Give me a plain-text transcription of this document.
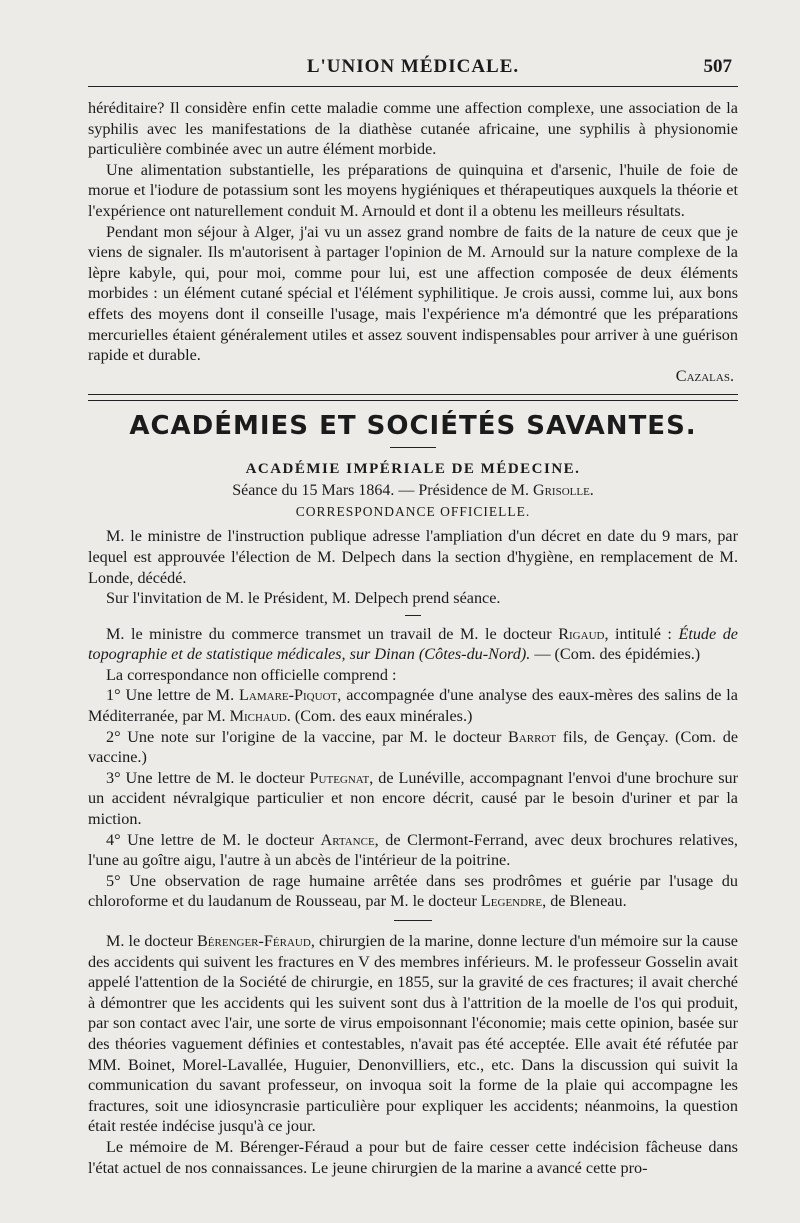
L'UNION MÉDICALE.	507

héréditaire? Il considère enfin cette maladie comme une affection complexe, une association de la syphilis avec les manifestations de la diathèse cutanée africaine, une syphilis à physionomie particulière combinée avec un autre élément morbide.

Une alimentation substantielle, les préparations de quinquina et d'arsenic, l'huile de foie de morue et l'iodure de potassium sont les moyens hygiéniques et thérapeutiques auxquels la théorie et l'expérience ont naturellement conduit M. Arnould et dont il a obtenu les meilleurs résultats.

Pendant mon séjour à Alger, j'ai vu un assez grand nombre de faits de la nature de ceux que je viens de signaler. Ils m'autorisent à partager l'opinion de M. Arnould sur la nature complexe de la lèpre kabyle, qui, pour moi, comme pour lui, est une affection composée de deux éléments morbides : un élément cutané spécial et l'élément syphilitique. Je crois aussi, comme lui, aux bons effets des moyens dont il conseille l'usage, mais l'expérience m'a démontré que les préparations mercurielles étaient généralement utiles et assez souvent indispensables pour arriver à une guérison rapide et durable.

Cazalas.

ACADÉMIES ET SOCIÉTÉS SAVANTES.
ACADÉMIE IMPÉRIALE DE MÉDECINE.
Séance du 15 Mars 1864. — Présidence de M. Grisolle.
CORRESPONDANCE OFFICIELLE.

M. le ministre de l'instruction publique adresse l'ampliation d'un décret en date du 9 mars, par lequel est approuvée l'élection de M. Delpech dans la section d'hygiène, en remplacement de M. Londe, décédé.

Sur l'invitation de M. le Président, M. Delpech prend séance.

M. le ministre du commerce transmet un travail de M. le docteur Rigaud, intitulé : Étude de topographie et de statistique médicales, sur Dinan (Côtes-du-Nord). — (Com. des épidémies.)

La correspondance non officielle comprend :

1° Une lettre de M. Lamare-Piquot, accompagnée d'une analyse des eaux-mères des salins de la Méditerranée, par M. Michaud. (Com. des eaux minérales.)

2° Une note sur l'origine de la vaccine, par M. le docteur Barrot fils, de Gençay. (Com. de vaccine.)

3° Une lettre de M. le docteur Putegnat, de Lunéville, accompagnant l'envoi d'une brochure sur un accident névralgique particulier et non encore décrit, causé par le besoin d'uriner et par la miction.

4° Une lettre de M. le docteur Artance, de Clermont-Ferrand, avec deux brochures relatives, l'une au goître aigu, l'autre à un abcès de l'intérieur de la poitrine.

5° Une observation de rage humaine arrêtée dans ses prodrômes et guérie par l'usage du chloroforme et du laudanum de Rousseau, par M. le docteur Legendre, de Bleneau.

M. le docteur Bérenger-Féraud, chirurgien de la marine, donne lecture d'un mémoire sur la cause des accidents qui suivent les fractures en V des membres inférieurs. M. le professeur Gosselin avait appelé l'attention de la Société de chirurgie, en 1855, sur la gravité de ces fractures; il avait cherché à démontrer que les accidents qui les suivent sont dus à l'attrition de la moelle de l'os qui produit, par son contact avec l'air, une sorte de virus empoisonnant l'économie; mais cette opinion, basée sur des théories vaguement définies et contestables, n'avait pas été acceptée. Elle avait été réfutée par MM. Boinet, Morel-Lavallée, Huguier, Denonvilliers, etc., etc. Dans la discussion qui suivit la communication du savant professeur, on invoqua soit la forme de la plaie qui accompagne les fractures, soit une idiosyncrasie particulière pour expliquer les accidents; néanmoins, la question était restée indécise jusqu'à ce jour.

Le mémoire de M. Bérenger-Féraud a pour but de faire cesser cette indécision fâcheuse dans l'état actuel de nos connaissances. Le jeune chirurgien de la marine a avancé cette pro-
